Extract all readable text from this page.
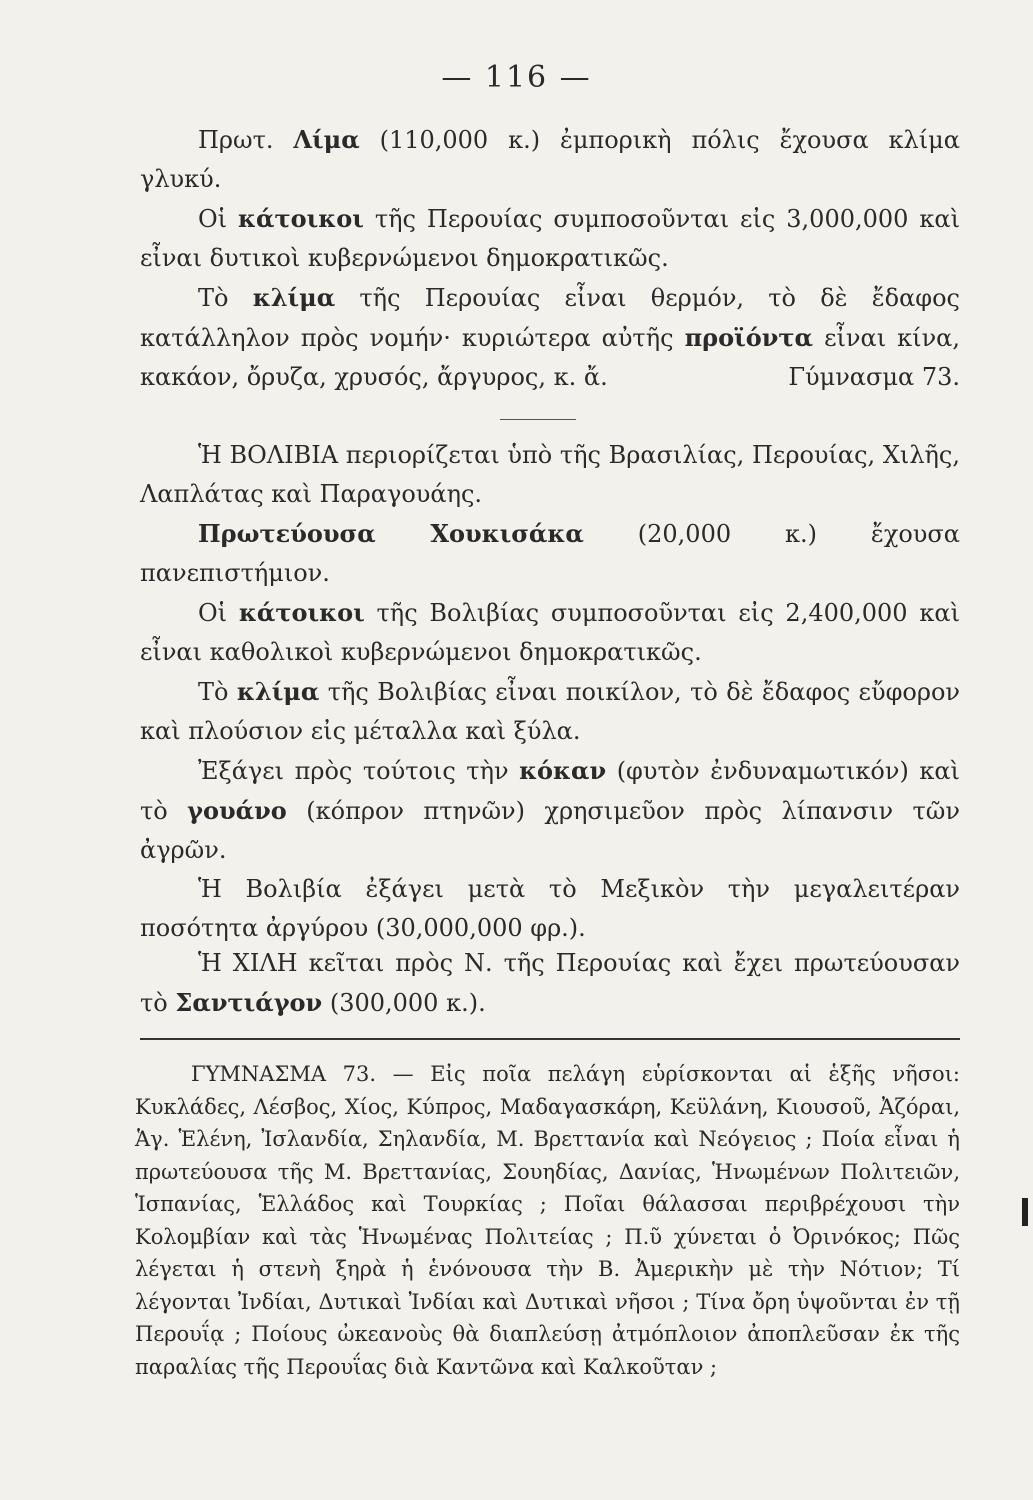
— 116 —

Πρωτ. Λίμα (110,000 κ.) ἐμπορικὴ πόλις ἔχουσα κλίμα γλυκύ.

Οἱ κάτοικοι τῆς Περουίας συμποσοῦνται εἰς 3,000,000 καὶ εἶναι δυτικοὶ κυβερνώμενοι δημοκρατικῶς.

Τὸ κλίμα τῆς Περουίας εἶναι θερμόν, τὸ δὲ ἔδαφος κατάλληλον πρὸς νομήν· κυριώτερα αὐτῆς προϊόντα εἶναι κίνα, κακάον, ὄρυζα, χρυσός, ἄργυρος, κ. ἄ.	Γύμνασμα 73.

Ἡ ΒΟΛΙΒΙΑ περιορίζεται ὑπὸ τῆς Βρασιλίας, Περουίας, Χιλῆς, Λαπλάτας καὶ Παραγουάης.

Πρωτεύουσα Χουκισάκα (20,000 κ.) ἔχουσα πανεπιστήμιον.

Οἱ κάτοικοι τῆς Βολιβίας συμποσοῦνται εἰς 2,400,000 καὶ εἶναι καθολικοὶ κυβερνώμενοι δημοκρατικῶς.

Τὸ κλίμα τῆς Βολιβίας εἶναι ποικίλον, τὸ δὲ ἔδαφος εὔφορον καὶ πλούσιον εἰς μέταλλα καὶ ξύλα.

Ἐξάγει πρὸς τούτοις τὴν κόκαν (φυτὸν ἐνδυναμωτικόν) καὶ τὸ γουάνο (κόπρον πτηνῶν) χρησιμεῦον πρὸς λίπανσιν τῶν ἀγρῶν.

Ἡ Βολιβία ἐξάγει μετὰ τὸ Μεξικὸν τὴν μεγαλειτέραν ποσότητα ἀργύρου (30,000,000 φρ.).

Ἡ ΧΙΛΗ κεῖται πρὸς Ν. τῆς Περουίας καὶ ἔχει πρωτεύουσαν τὸ Σαντιάγον (300,000 κ.).

ΓΥΜΝΑΣΜΑ 73. — Εἰς ποῖα πελάγη εὑρίσκονται αἱ ἑξῆς νῆσοι: Κυκλάδες, Λέσβος, Χίος, Κύπρος, Μαδαγασκάρη, Κεϋλάνη, Κιουσοῦ, Ἀζόραι, Ἁγ. Ἑλένη, Ἰσλανδία, Σηλανδία, Μ. Βρεττανία καὶ Νεόγειος ; Ποία εἶναι ἡ πρωτεύουσα τῆς Μ. Βρεττανίας, Σουηδίας, Δανίας, Ἡνωμένων Πολιτειῶν, Ἱσπανίας, Ἑλλάδος καὶ Τουρκίας ; Ποῖαι θάλασσαι περιβρέχουσι τὴν Κολομβίαν καὶ τὰς Ἡνωμένας Πολιτείας ; Π.ῦ χύνεται ὁ Ὀρινόκος; Πῶς λέγεται ἡ στενὴ ξηρὰ ἡ ἑνόνουσα τὴν Β. Ἀμερικὴν μὲ τὴν Νότιον; Τί λέγονται Ἰνδίαι, Δυτικαὶ Ἰνδίαι καὶ Δυτικαὶ νῆσοι ; Τίνα ὄρη ὑψοῦνται ἐν τῇ Περουΐᾳ ; Ποίους ὠκεανοὺς θὰ διαπλεύσῃ ἀτμόπλοιον ἀποπλεῦσαν ἐκ τῆς παραλίας τῆς Περουΐας διὰ Καντῶνα καὶ Καλκοῦταν ;
